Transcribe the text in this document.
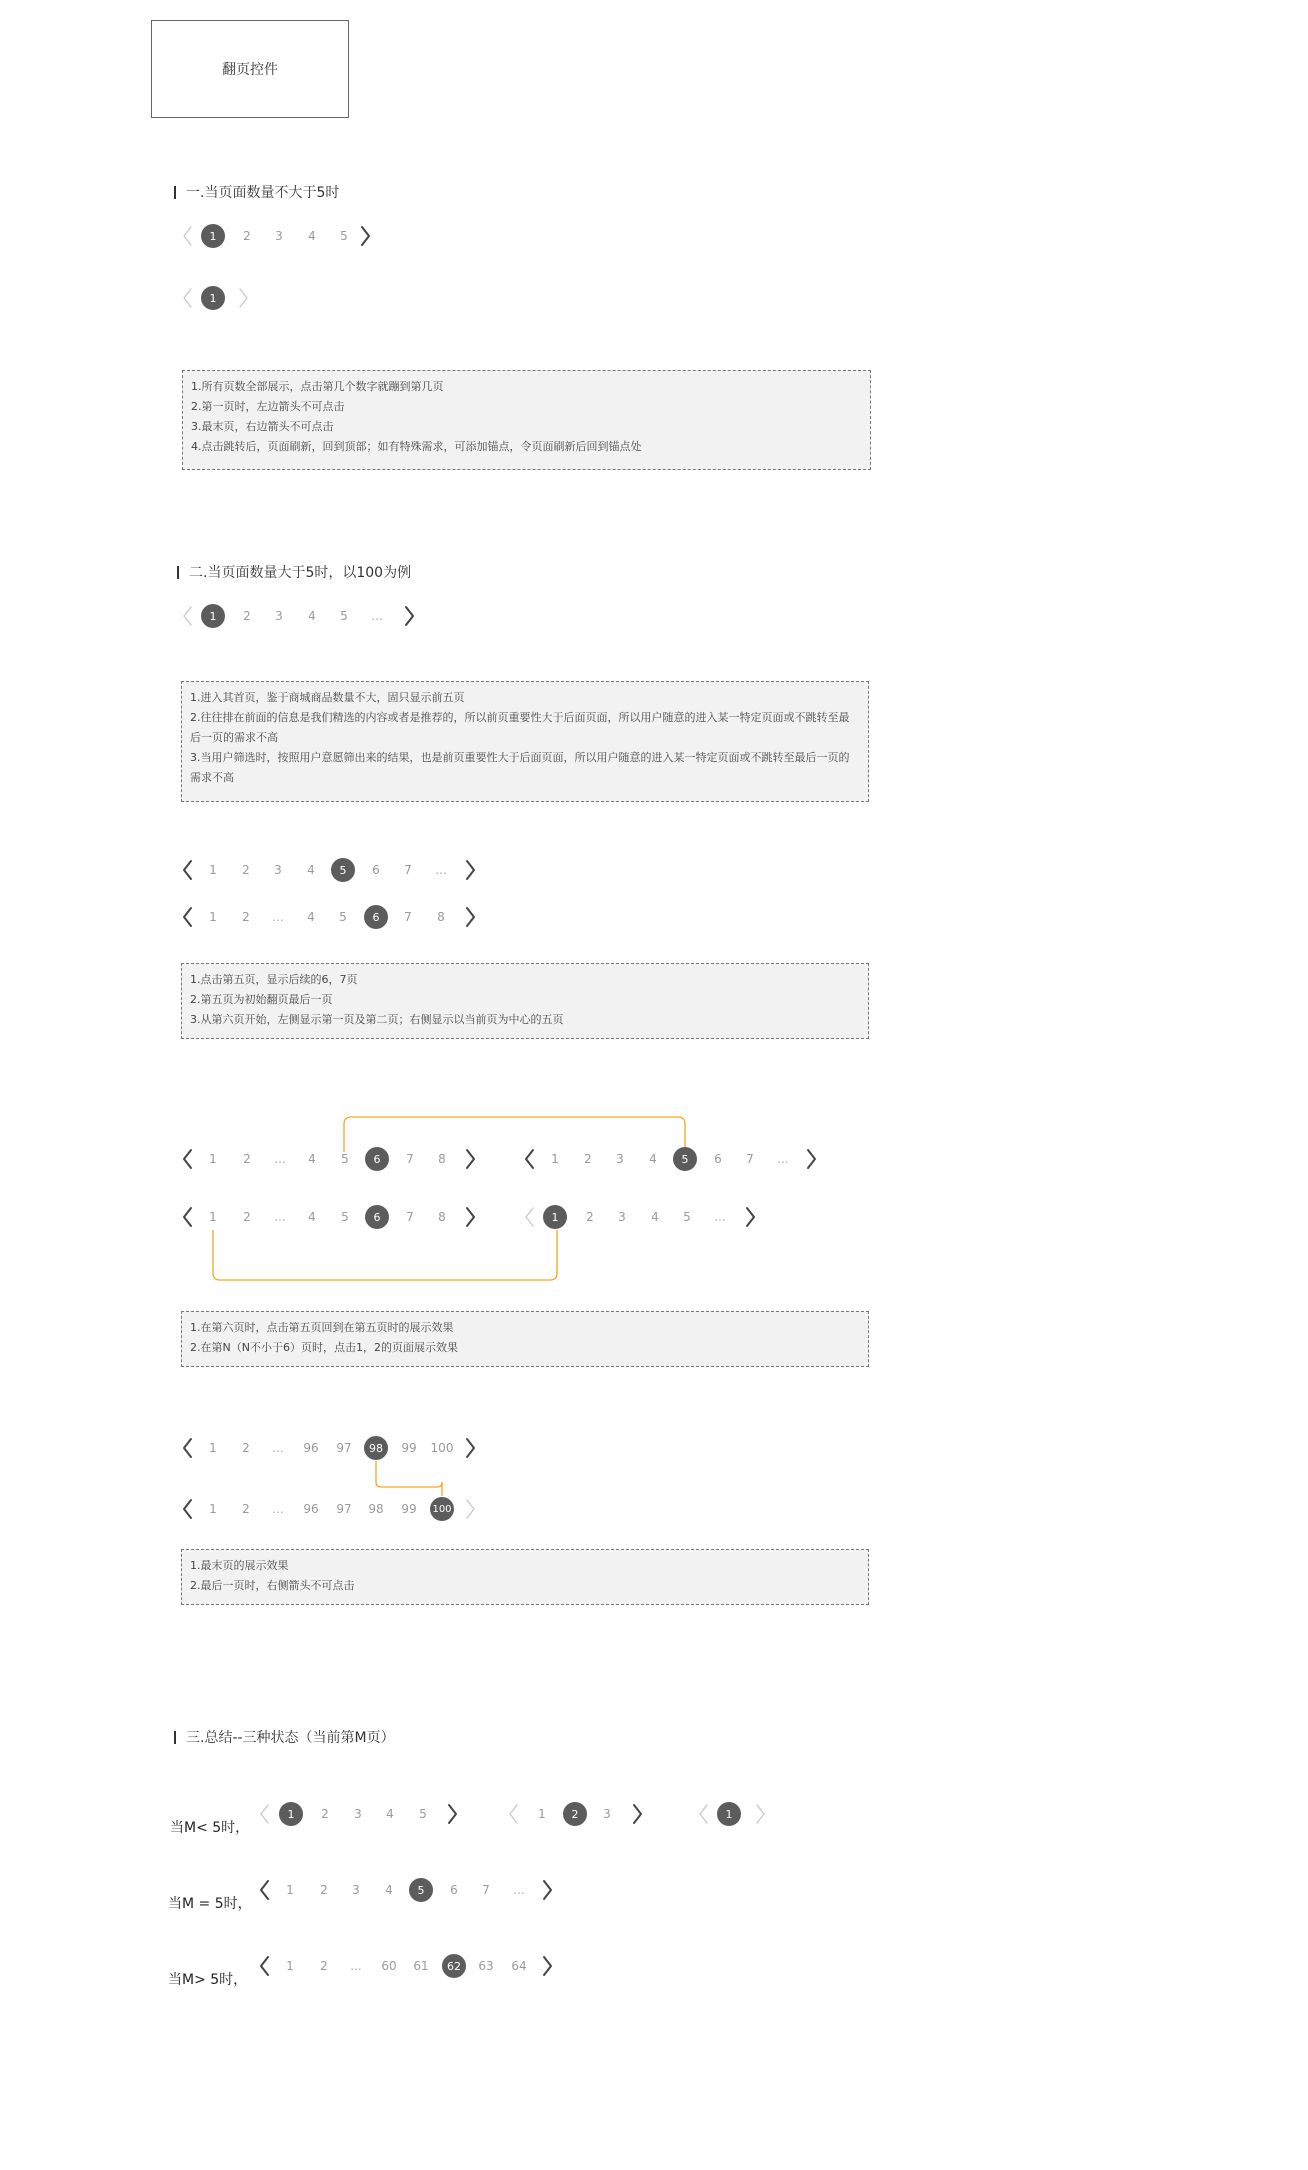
翻页控件
一.当页面数量不大于5时
1.所有页数全部展示，点击第几个数字就蹦到第几页
2.第一页时，左边箭头不可点击
3.最末页，右边箭头不可点击
4.点击跳转后，页面刷新，回到顶部；如有特殊需求，可添加锚点，令页面刷新后回到锚点处
二.当页面数量大于5时，以100为例
1.进入其首页，鉴于商城商品数量不大，固只显示前五页
2.往往排在前面的信息是我们精选的内容或者是推荐的，所以前页重要性大于后面页面，所以用户随意的进入某一特定页面或不跳转至最后一页的需求不高
3.当用户筛选时，按照用户意愿筛出来的结果，也是前页重要性大于后面页面，所以用户随意的进入某一特定页面或不跳转至最后一页的需求不高
1.点击第五页，显示后续的6，7页
2.第五页为初始翻页最后一页
3.从第六页开始，左侧显示第一页及第二页；右侧显示以当前页为中心的五页
1.在第六页时，点击第五页回到在第五页时的展示效果
2.在第N（N不小于6）页时，点击1，2的页面展示效果
1.最末页的展示效果
2.最后一页时，右侧箭头不可点击
三.总结--三种状态（当前第M页）
当M< 5时，
当M = 5时，
当M> 5时，
1	2 3 4 5
1
1	2 3 4 5 ...
1 2 3 4	5	6 7 ...
1 2 ... 4 5	6	7 8
1 2 ... 4 5	6	7 8	1 2 3 4	5	6 7 ...
1 2 ... 4 5	6	7 8	1	2 3 4 5 ...
1 2 ... 96 97	98	99 100
1 2 ... 96 97 98 99 100
1	2 3 4 5	1	2	3	1
1 2 3 4	5	6 7 ...
1 2 ... 60 61	62	63 64
